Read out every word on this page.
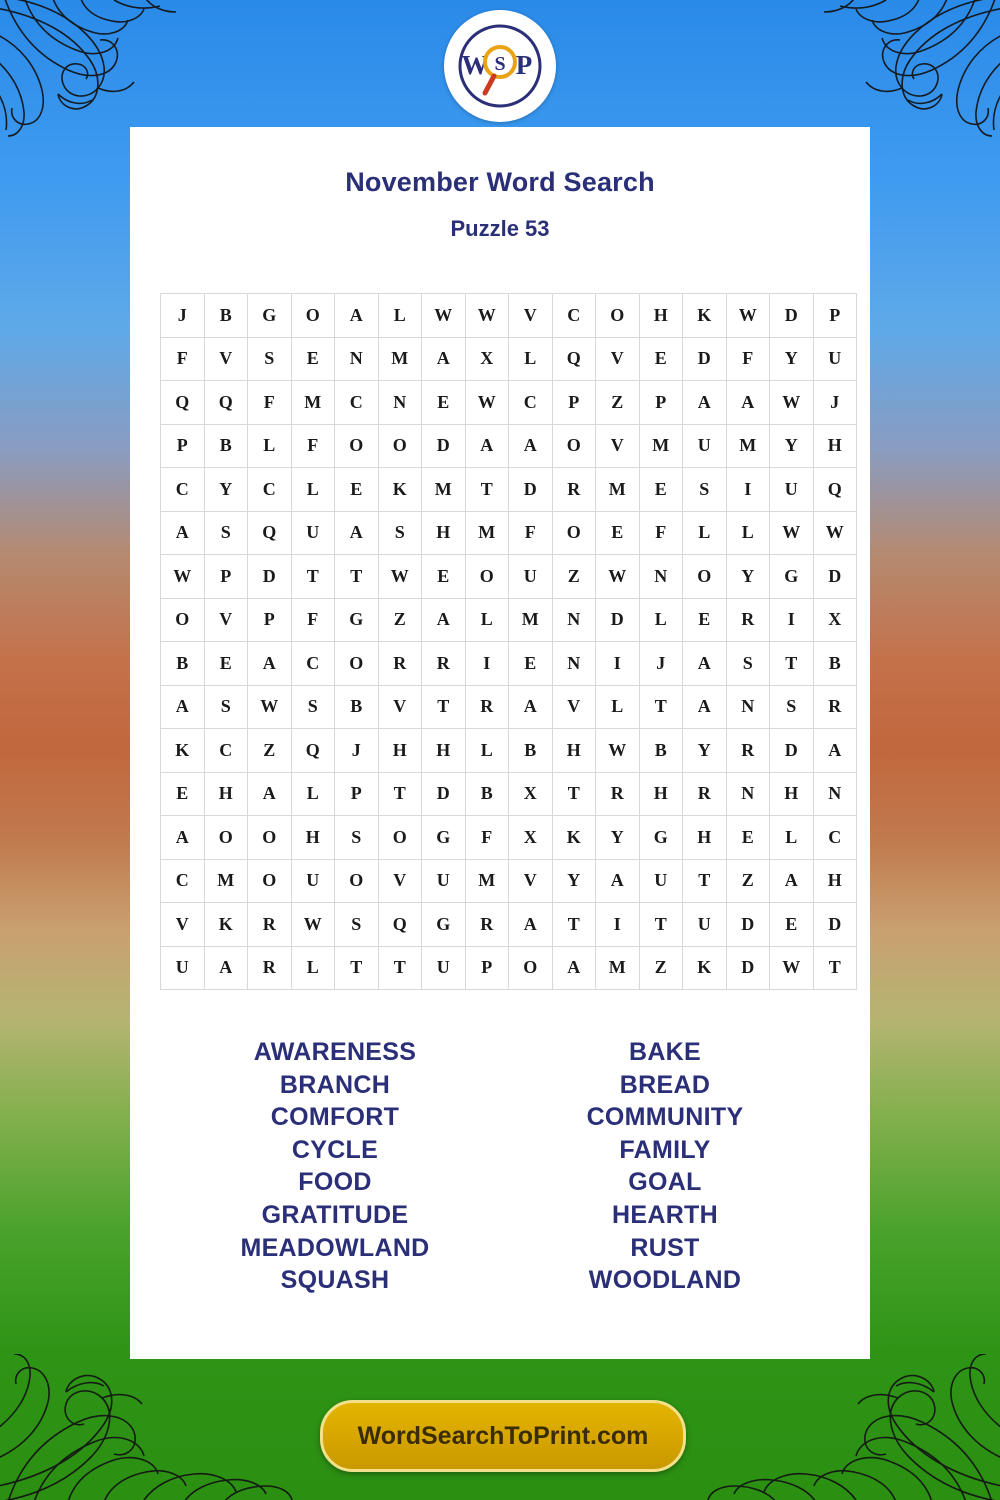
W P
S
November Word Search
Puzzle 53
J	B	G	O	A	L	W	W	V	C	O	H	K	W	D	P
F	V	S	E	N	M	A	X	L	Q	V	E	D	F	Y	U
Q	Q	F	M	C	N	E	W	C	P	Z	P	A	A	W	J
P	B	L	F	O	O	D	A	A	O	V	M	U	M	Y	H
C	Y	C	L	E	K	M	T	D	R	M	E	S	I	U	Q
A	S	Q	U	A	S	H	M	F	O	E	F	L	L	W	W
W	P	D	T	T	W	E	O	U	Z	W	N	O	Y	G	D
O	V	P	F	G	Z	A	L	M	N	D	L	E	R	I	X
B	E	A	C	O	R	R	I	E	N	I	J	A	S	T	B
A	S	W	S	B	V	T	R	A	V	L	T	A	N	S	R
K	C	Z	Q	J	H	H	L	B	H	W	B	Y	R	D	A
E	H	A	L	P	T	D	B	X	T	R	H	R	N	H	N
A	O	O	H	S	O	G	F	X	K	Y	G	H	E	L	C
C	M	O	U	O	V	U	M	V	Y	A	U	T	Z	A	H
V	K	R	W	S	Q	G	R	A	T	I	T	U	D	E	D
U	A	R	L	T	T	U	P	O	A	M	Z	K	D	W	T
AWARENESS
BRANCH
COMFORT
CYCLE
FOOD
GRATITUDE
MEADOWLAND
SQUASH
BAKE
BREAD
COMMUNITY
FAMILY
GOAL
HEARTH
RUST
WOODLAND
WordSearchToPrint.com
